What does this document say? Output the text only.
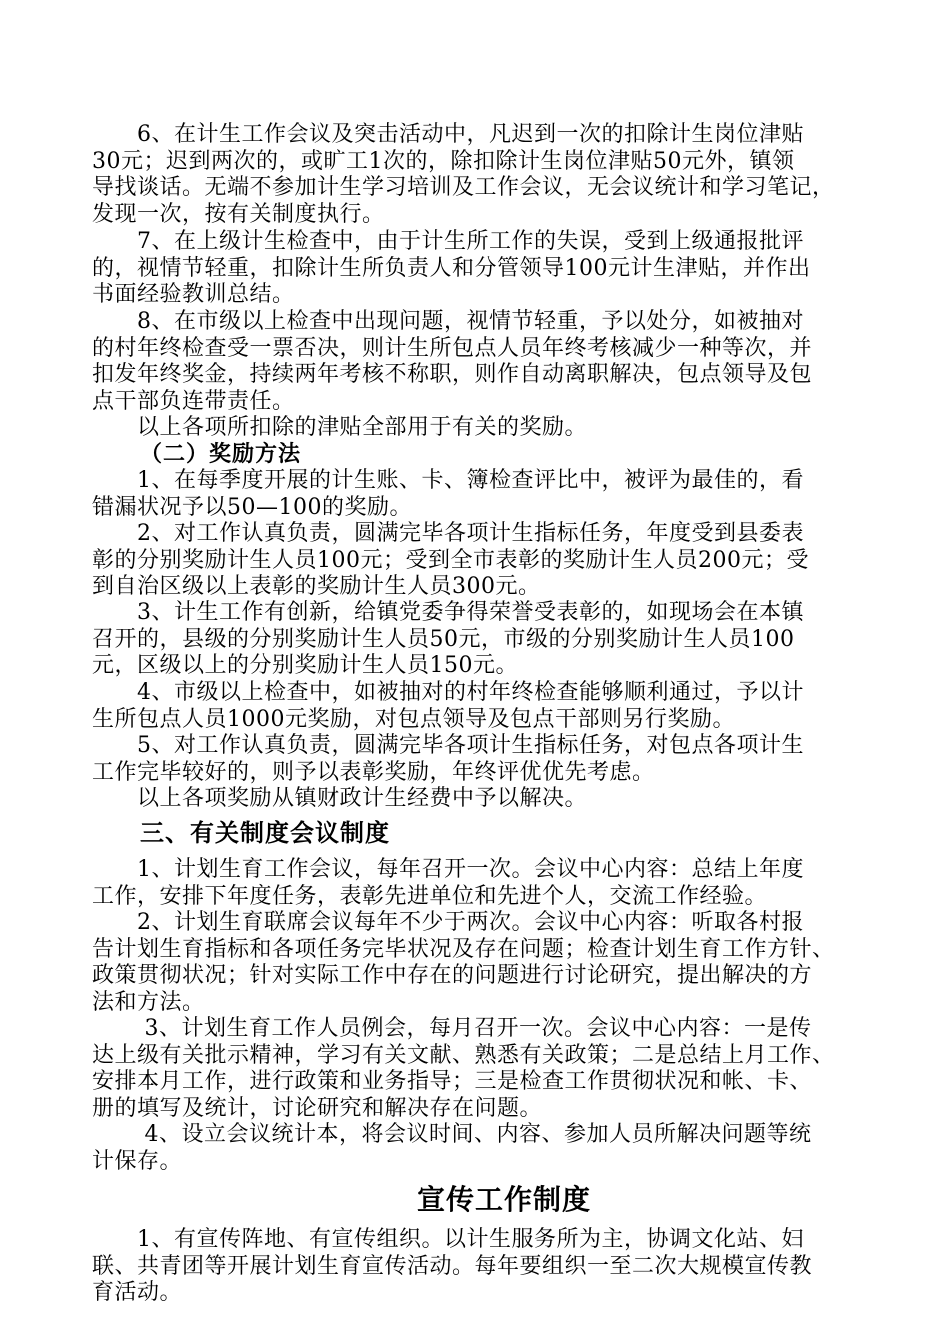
　　6、在计生工作会议及突击活动中，凡迟到一次的扣除计生岗位津贴
30元；迟到两次的，或旷工1次的，除扣除计生岗位津贴50元外，镇领
导找谈话。无端不参加计生学习培训及工作会议，无会议统计和学习笔记，
发现一次，按有关制度执行。
　　7、在上级计生检查中，由于计生所工作的失误，受到上级通报批评
的，视情节轻重，扣除计生所负责人和分管领导100元计生津贴，并作出
书面经验教训总结。
　　8、在市级以上检查中出现问题，视情节轻重，予以处分，如被抽对
的村年终检查受一票否决，则计生所包点人员年终考核减少一种等次，并
扣发年终奖金，持续两年考核不称职，则作自动离职解决，包点领导及包
点干部负连带责任。
　　以上各项所扣除的津贴全部用于有关的奖励。
（二）奖励方法
　　1、在每季度开展的计生账、卡、簿检查评比中，被评为最佳的，看
错漏状况予以50—100的奖励。
　　2、对工作认真负责，圆满完毕各项计生指标任务，年度受到县委表
彰的分别奖励计生人员100元；受到全市表彰的奖励计生人员200元；受
到自治区级以上表彰的奖励计生人员300元。
　　3、计生工作有创新，给镇党委争得荣誉受表彰的，如现场会在本镇
召开的，县级的分别奖励计生人员50元，市级的分别奖励计生人员100
元，区级以上的分别奖励计生人员150元。
　　4、市级以上检查中，如被抽对的村年终检查能够顺利通过，予以计
生所包点人员1000元奖励，对包点领导及包点干部则另行奖励。
　　5、对工作认真负责，圆满完毕各项计生指标任务，对包点各项计生
工作完毕较好的，则予以表彰奖励，年终评优优先考虑。
　　以上各项奖励从镇财政计生经费中予以解决。
三、有关制度会议制度
　　1、计划生育工作会议，每年召开一次。会议中心内容：总结上年度
工作，安排下年度任务，表彰先进单位和先进个人，交流工作经验。
　　2、计划生育联席会议每年不少于两次。会议中心内容：听取各村报
告计划生育指标和各项任务完毕状况及存在问题；检查计划生育工作方针、
政策贯彻状况；针对实际工作中存在的问题进行讨论研究，提出解决的方
法和方法。
　　 3、计划生育工作人员例会，每月召开一次。会议中心内容：一是传
达上级有关批示精神，学习有关文献、熟悉有关政策；二是总结上月工作、
安排本月工作，进行政策和业务指导；三是检查工作贯彻状况和帐、卡、
册的填写及统计，讨论研究和解决存在问题。
　　 4、设立会议统计本，将会议时间、内容、参加人员所解决问题等统
计保存。
宣传工作制度
　　1、有宣传阵地、有宣传组织。以计生服务所为主，协调文化站、妇
联、共青团等开展计划生育宣传活动。每年要组织一至二次大规模宣传教
育活动。
